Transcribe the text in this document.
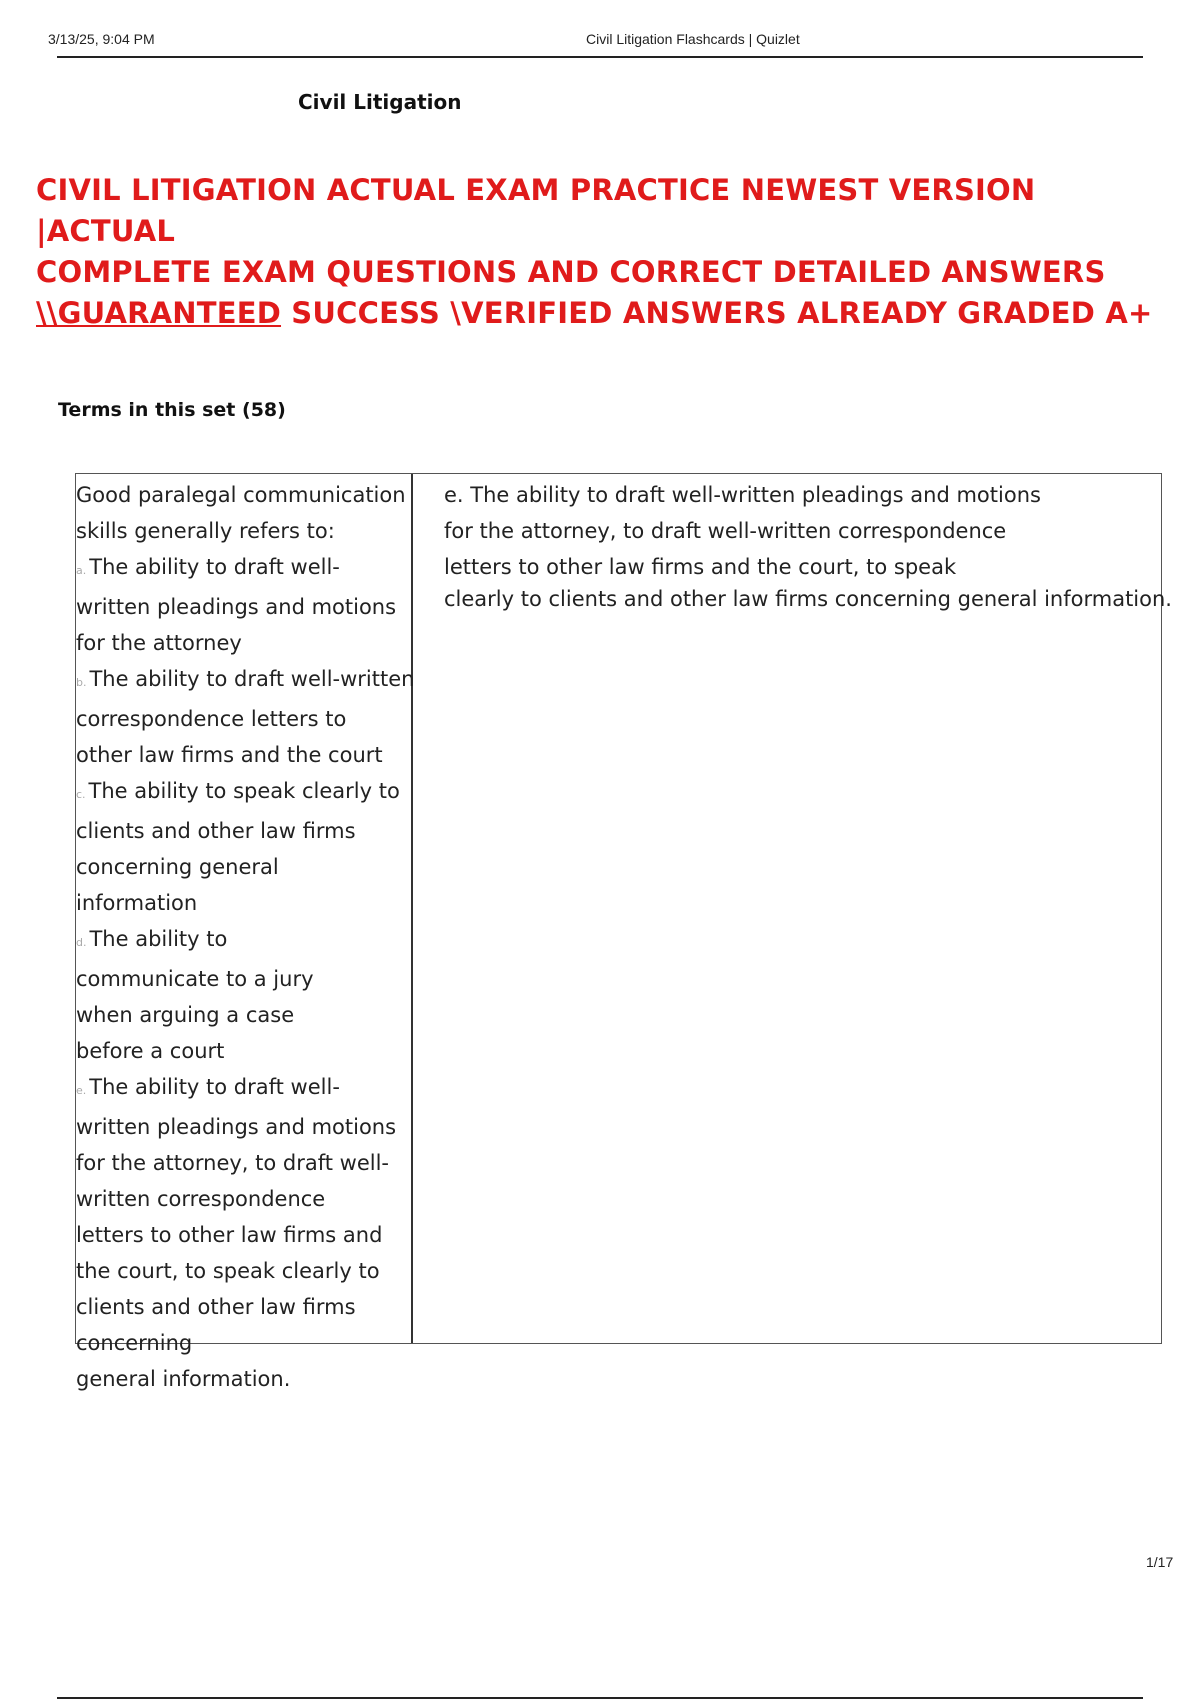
3/13/25, 9:04 PM	Civil Litigation Flashcards | Quizlet
Civil Litigation
CIVIL LITIGATION ACTUAL EXAM PRACTICE NEWEST VERSION |ACTUAL
COMPLETE EXAM QUESTIONS AND CORRECT DETAILED ANSWERS
\\GUARANTEED SUCCESS \VERIFIED ANSWERS ALREADY GRADED A+
Terms in this set (58)
Good paralegal communication
skills generally refers to:
a. The ability to draft well-
written pleadings and motions
for the attorney
b. The ability to draft well-written
correspondence letters to
other law firms and the court
c. The ability to speak clearly to
clients and other law firms
concerning general
information
d. The ability to
communicate to a jury
when arguing a case
before a court
e. The ability to draft well-
written pleadings and motions
for the attorney, to draft well-
written correspondence
letters to other law firms and
the court, to speak clearly to
clients and other law firms
concerning
general information.
e. The ability to draft well-written pleadings and motions
for the attorney, to draft well-written correspondence
letters to other law firms and the court, to speak
clearly to clients and other law firms concerning general information.
1/17
